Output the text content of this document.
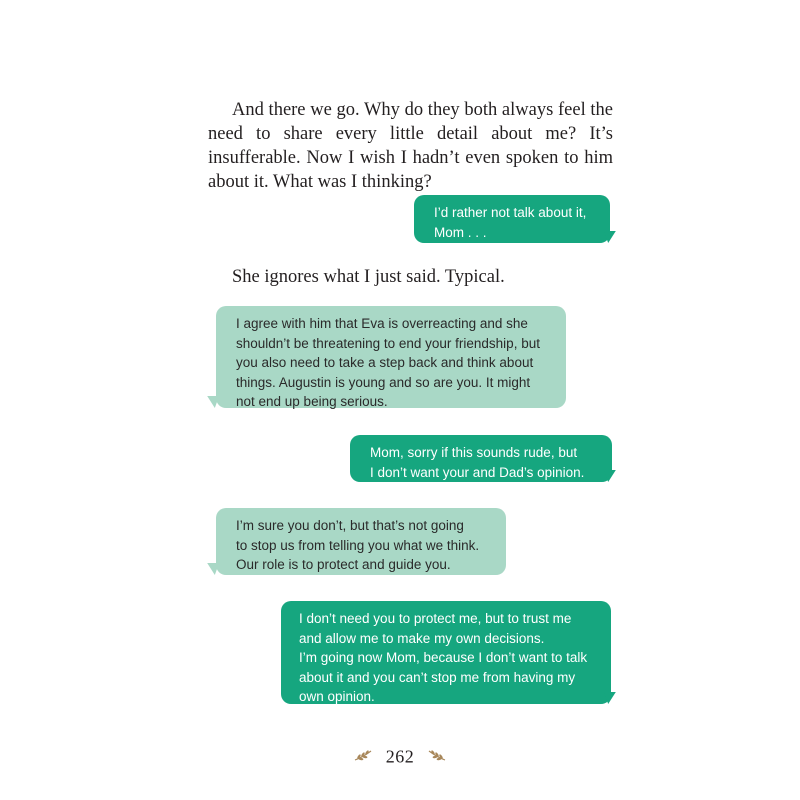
And there we go. Why do they both always feel the need to share every little detail about me? It’s insufferable. Now I wish I hadn’t even spoken to him about it. What was I thinking?

I’d rather not talk about it,
Mom . . .

She ignores what I just said. Typical.

I agree with him that Eva is overreacting and she
shouldn’t be threatening to end your friendship, but
you also need to take a step back and think about
things. Augustin is young and so are you. It might
not end up being serious.
Mom, sorry if this sounds rude, but
I don’t want your and Dad’s opinion.
I’m sure you don’t, but that’s not going
to stop us from telling you what we think.
Our role is to protect and guide you.
I don’t need you to protect me, but to trust me
and allow me to make my own decisions.
I’m going now Mom, because I don’t want to talk
about it and you can’t stop me from having my
own opinion.
262
